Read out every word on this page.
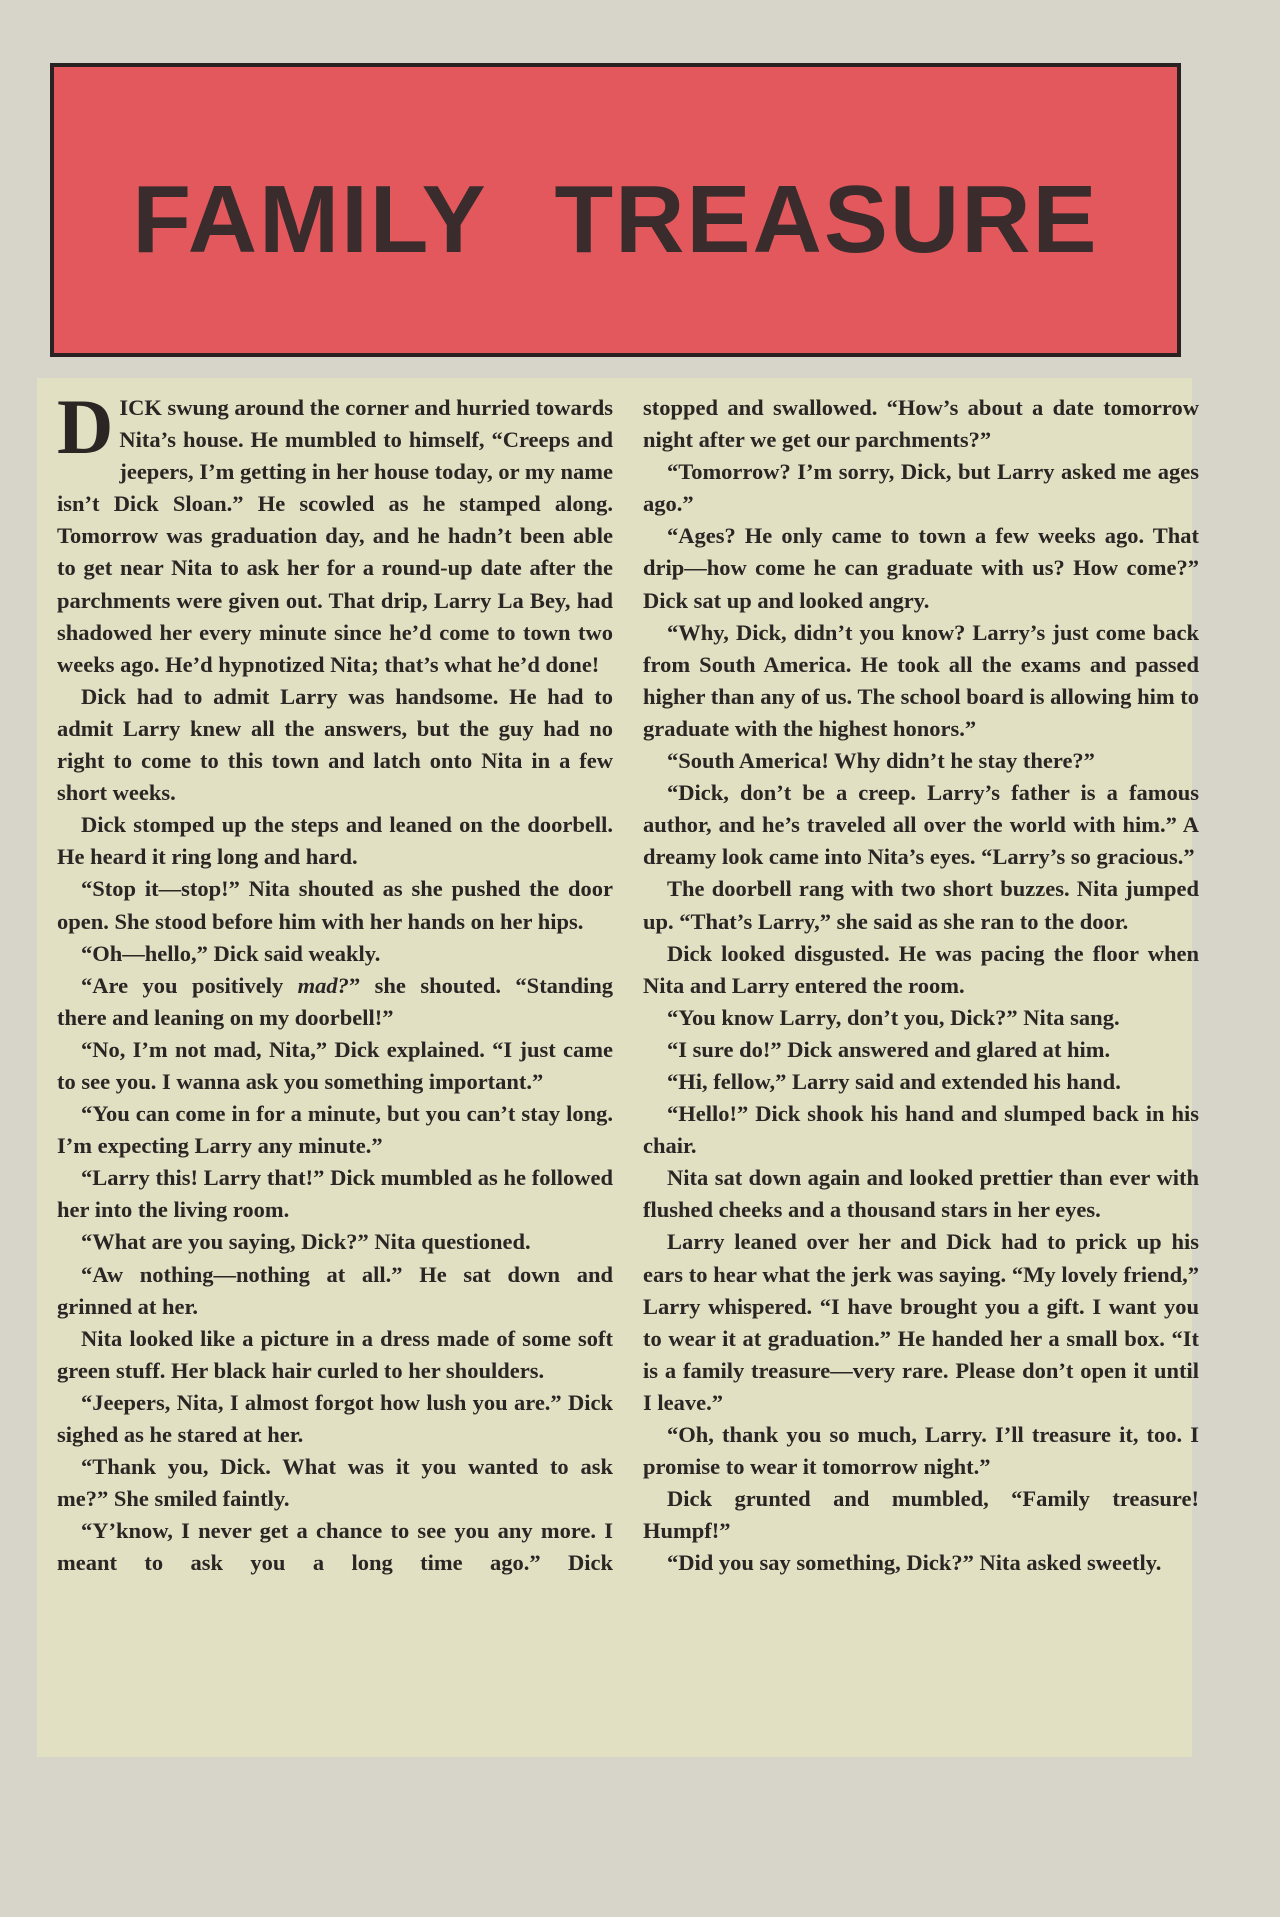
FAMILY TREASURE

DICK swung around the corner and hurried towards Nita’s house. He mumbled to himself, “Creeps and jeepers, I’m getting in her house today, or my name isn’t Dick Sloan.” He scowled as he stamped along. Tomorrow was graduation day, and he hadn’t been able to get near Nita to ask her for a round-up date after the parchments were given out. That drip, Larry La Bey, had shadowed her every minute since he’d come to town two weeks ago. He’d hypnotized Nita; that’s what he’d done!

Dick had to admit Larry was handsome. He had to admit Larry knew all the answers, but the guy had no right to come to this town and latch onto Nita in a few short weeks.

Dick stomped up the steps and leaned on the doorbell. He heard it ring long and hard.

“Stop it—stop!” Nita shouted as she pushed the door open. She stood before him with her hands on her hips.

“Oh—hello,” Dick said weakly.

“Are you positively mad?” she shouted. “Standing there and leaning on my doorbell!”

“No, I’m not mad, Nita,” Dick explained. “I just came to see you. I wanna ask you something important.”

“You can come in for a minute, but you can’t stay long. I’m expecting Larry any minute.”

“Larry this! Larry that!” Dick mumbled as he followed her into the living room.

“What are you saying, Dick?” Nita questioned.

“Aw nothing—nothing at all.” He sat down and grinned at her.

Nita looked like a picture in a dress made of some soft green stuff. Her black hair curled to her shoulders.

“Jeepers, Nita, I almost forgot how lush you are.” Dick sighed as he stared at her.

“Thank you, Dick. What was it you wanted to ask me?” She smiled faintly.

“Y’know, I never get a chance to see you any more. I meant to ask you a long time ago.” Dick

stopped and swallowed. “How’s about a date tomorrow night after we get our parchments?”

“Tomorrow? I’m sorry, Dick, but Larry asked me ages ago.”

“Ages? He only came to town a few weeks ago. That drip—how come he can graduate with us? How come?” Dick sat up and looked angry.

“Why, Dick, didn’t you know? Larry’s just come back from South America. He took all the exams and passed higher than any of us. The school board is allowing him to graduate with the highest honors.”

“South America! Why didn’t he stay there?”

“Dick, don’t be a creep. Larry’s father is a famous author, and he’s traveled all over the world with him.” A dreamy look came into Nita’s eyes. “Larry’s so gracious.”

The doorbell rang with two short buzzes. Nita jumped up. “That’s Larry,” she said as she ran to the door.

Dick looked disgusted. He was pacing the floor when Nita and Larry entered the room.

“You know Larry, don’t you, Dick?” Nita sang.

“I sure do!” Dick answered and glared at him.

“Hi, fellow,” Larry said and extended his hand.

“Hello!” Dick shook his hand and slumped back in his chair.

Nita sat down again and looked prettier than ever with flushed cheeks and a thousand stars in her eyes.

Larry leaned over her and Dick had to prick up his ears to hear what the jerk was saying. “My lovely friend,” Larry whispered. “I have brought you a gift. I want you to wear it at graduation.” He handed her a small box. “It is a family treasure—very rare. Please don’t open it until I leave.”

“Oh, thank you so much, Larry. I’ll treasure it, too. I promise to wear it tomorrow night.”

Dick grunted and mumbled, “Family treasure! Humpf!”

“Did you say something, Dick?” Nita asked sweetly.
